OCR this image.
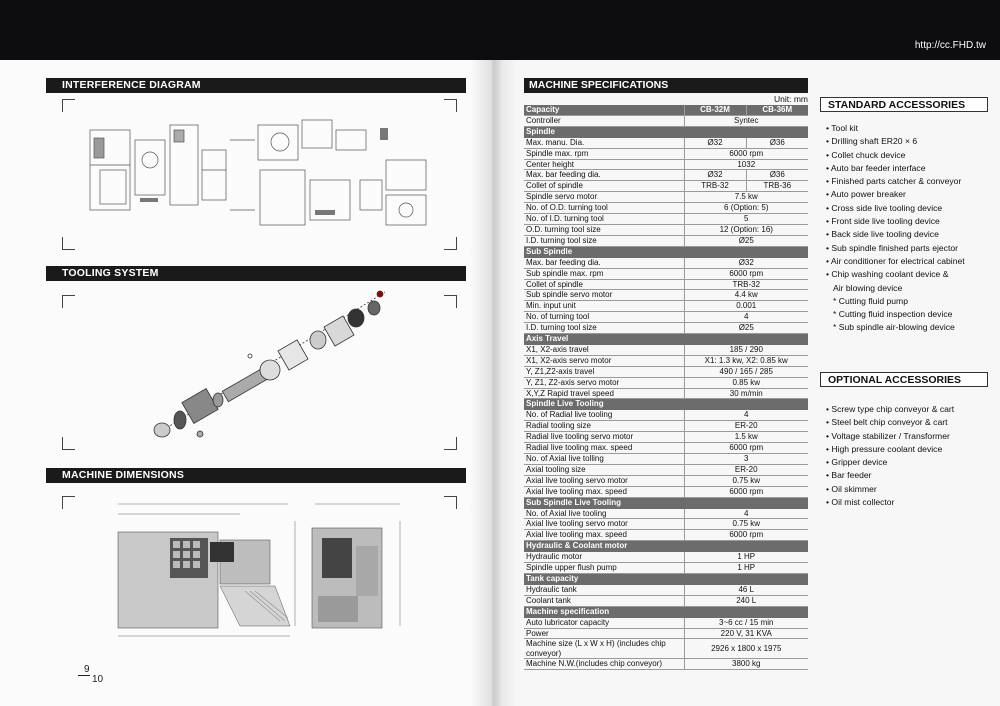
http://cc.FHD.tw
INTERFERENCE DIAGRAM
TOOLING SYSTEM
MACHINE DIMENSIONS
9
10
MACHINE SPECIFICATIONS
Unit: mm
Capacity	CB-32M	CB-36M
Controller	Syntec	
Spindle		
Max. manu. Dia.	Ø32	Ø36
Spindle max. rpm	6000 rpm	
Center height	1032	
Max. bar feeding dia.	Ø32	Ø36
Collet of spindle	TRB-32	TRB-36
Spindle servo motor	7.5 kw	
No. of O.D. turning tool	6 (Option: 5)	
No. of I.D. turning tool	5	
O.D. turning tool size	12 (Option: 16)	
I.D. turning tool size	Ø25	
Sub Spindle		
Max. bar feeding dia.	Ø32	
Sub spindle max. rpm	6000 rpm	
Collet of spindle	TRB-32	
Sub spindle servo motor	4.4 kw	
Min. input unit	0.001	
No. of turning tool	4	
I.D. turning tool size	Ø25	
Axis Travel		
X1, X2-axis travel	185 / 290	
X1, X2-axis servo motor	X1: 1.3 kw, X2: 0.85 kw	
Y, Z1,Z2-axis travel	490 / 165 / 285	
Y, Z1, Z2-axis servo motor	0.85 kw	
X,Y,Z Rapid travel speed	30 m/min	
Spindle Live Tooling		
No. of Radial live tooling	4	
Radial tooling size	ER-20	
Radial live tooling servo motor	1.5 kw	
Radial live tooling max. speed	6000 rpm	
No. of Axial live tolling	3	
Axial tooling size	ER-20	
Axial live tooling servo motor	0.75 kw	
Axial live tooling max. speed	6000 rpm	
Sub Spindle Live Tooling		
No. of Axial live tooling	4	
Axial live tooling servo motor	0.75 kw	
Axial live tooling max. speed	6000 rpm	
Hydraulic & Coolant motor		
Hydraulic motor	1 HP	
Spindle upper flush pump	1 HP	
Tank capacity		
Hydraulic tank	46 L	
Coolant tank	240 L	
Machine specification		
Auto lubricator capacity	3~6 cc / 15 min	
Power	220 V, 31 KVA	
Machine size (L x W x H) (includes chip conveyor)	2926 x 1800 x 1975	
Machine N.W.(includes chip conveyor)	3800 kg	
STANDARD ACCESSORIES
• Tool kit
• Drilling shaft ER20 × 6
• Collet chuck device
• Auto bar feeder interface
• Finished parts catcher & conveyor
• Auto power breaker
• Cross side live tooling device
• Front side live tooling device
• Back side live tooling device
• Sub spindle finished parts ejector
• Air conditioner for electrical cabinet
• Chip washing coolant device &
Air blowing device
* Cutting fluid pump
* Cutting fluid inspection device
* Sub spindle air-blowing device
OPTIONAL ACCESSORIES
• Screw type chip conveyor & cart
• Steel belt chip conveyor & cart
• Voltage stabilizer / Transformer
• High pressure coolant device
• Gripper device
• Bar feeder
• Oil skimmer
• Oil mist collector
